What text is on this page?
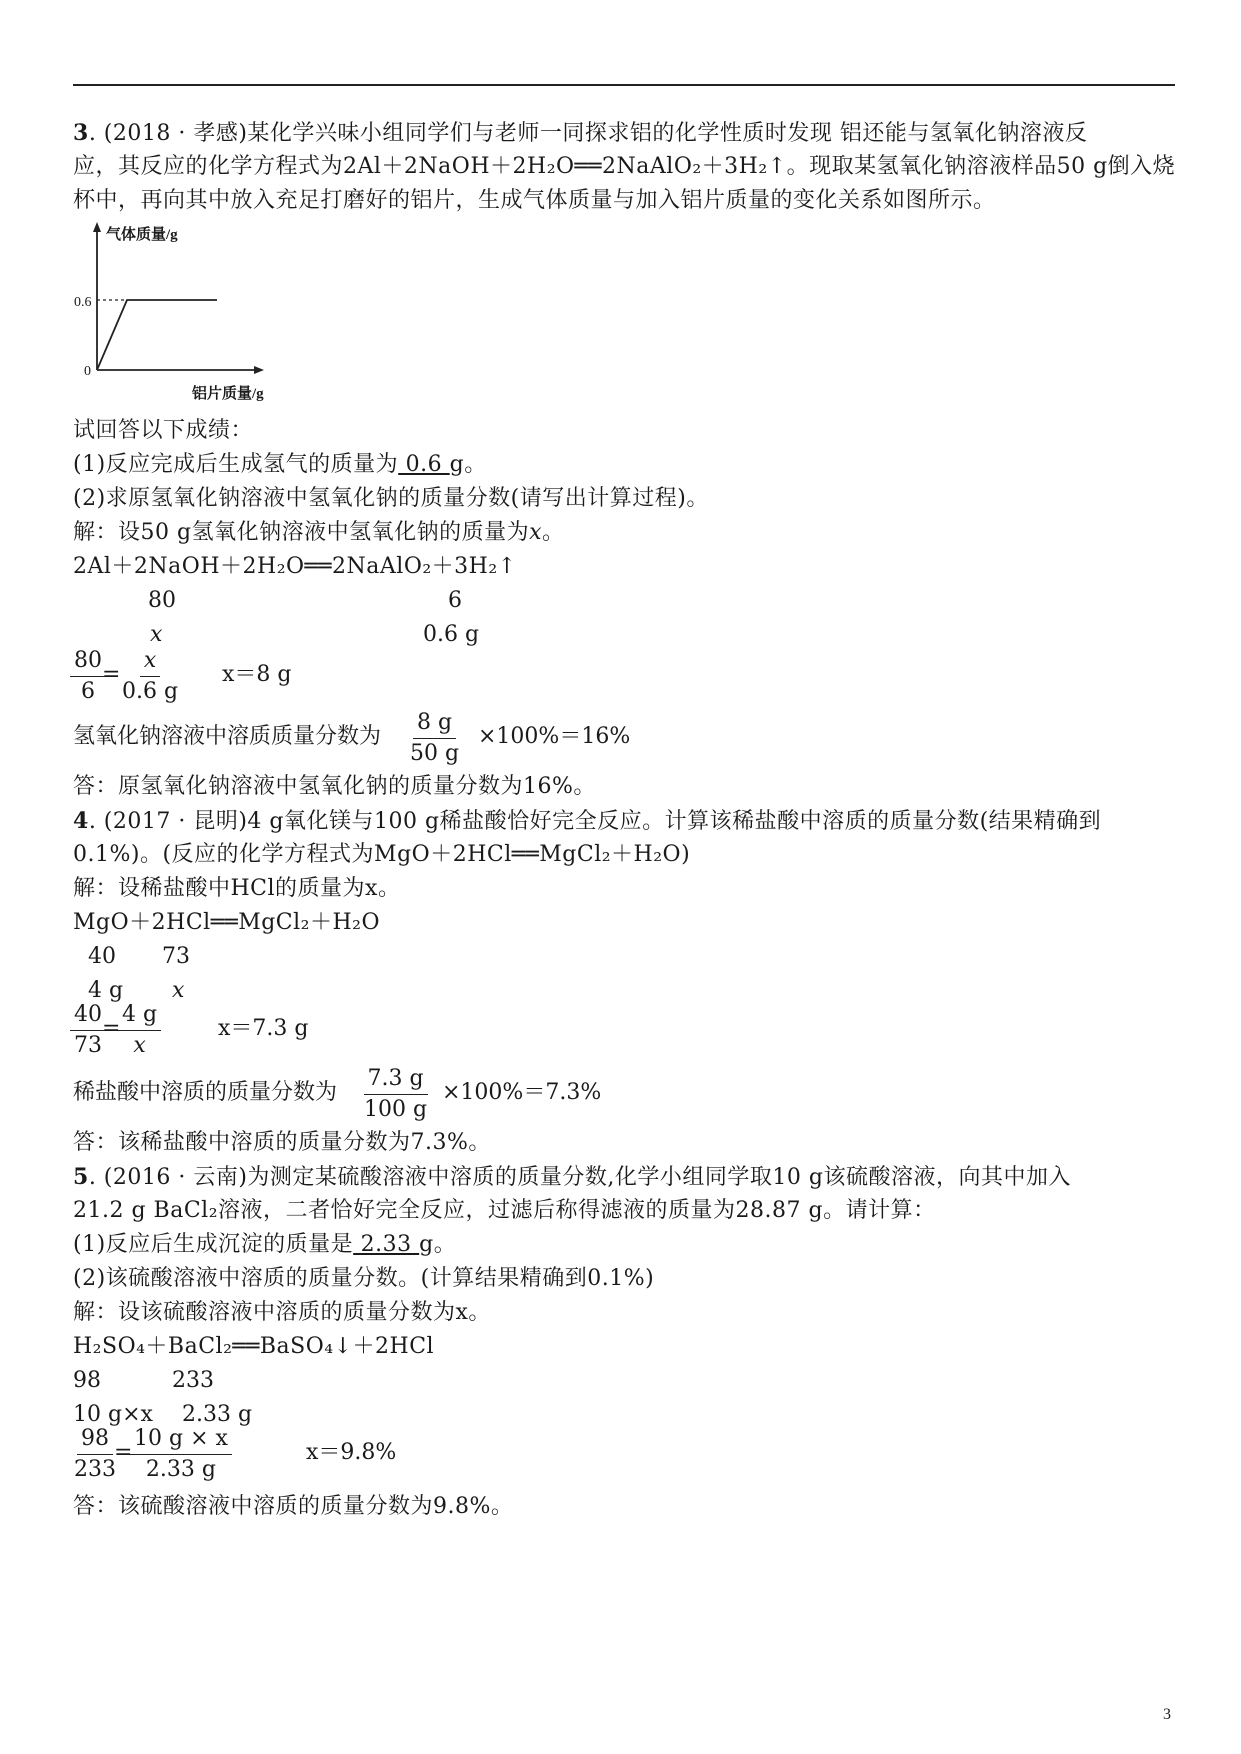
3. (2018 · 孝感)某化学兴味小组同学们与老师一同探求铝的化学性质时发现 铝还能与氢氧化钠溶液反
应，其反应的化学方程式为2Al＋2NaOH＋2H₂O══2NaAlO₂＋3H₂↑。现取某氢氧化钠溶液样品50 g倒入烧
杯中，再向其中放入充足打磨好的铝片，生成气体质量与加入铝片质量的变化关系如图所示。
气体质量/g
铝片质量/g
0.6
0
试回答以下成绩：
(1)反应完成后生成氢气的质量为 0.6 g。
(2)求原氢氧化钠溶液中氢氧化钠的质量分数(请写出计算过程)。
解：设50 g氢氧化钠溶液中氢氧化钠的质量为x。
2Al＋2NaOH＋2H₂O══2NaAlO₂＋3H₂↑
80	6
x	0.6 g
$\frac{80}{6}$
=
$\frac{x}{0.6 g} x=8$ g
氢氧化钠溶液中溶质质量分数为 $\frac{8 g}{50 g} \times 100\%=16\%$
答：原氢氧化钠溶液中氢氧化钠的质量分数为16%。
4. (2017 · 昆明)4 g氧化镁与100 g稀盐酸恰好完全反应。计算该稀盐酸中溶质的质量分数(结果精确到
0.1%)。(反应的化学方程式为MgO＋2HCl══MgCl₂＋H₂O)
解：设稀盐酸中HCl的质量为x。
MgO＋2HCl══MgCl₂＋H₂O
40 73
4 g x
$\frac{40}{73}$
=
$\frac{4 g}{x}$	x＝7.3 g
稀盐酸中溶质的质量分数为 $\frac{7.3 g}{100 g} \times 100\%=7.3\%$
答：该稀盐酸中溶质的质量分数为7.3%。
5. (2016 · 云南)为测定某硫酸溶液中溶质的质量分数,化学小组同学取10 g该硫酸溶液，向其中加入
21.2 g BaCl₂溶液，二者恰好完全反应，过滤后称得滤液的质量为28.87 g。请计算：
(1)反应后生成沉淀的质量是 2.33 g。
(2)该硫酸溶液中溶质的质量分数。(计算结果精确到0.1%)
解：设该硫酸溶液中溶质的质量分数为x。
H₂SO₄＋BaCl₂══BaSO₄↓＋2HCl
98	233
10 g×x 2.33 g
$\frac{98}{233}$
=
$\frac{10 g \times x}{2.33 g}$	x＝9.8%
答：该硫酸溶液中溶质的质量分数为9.8%。
3
